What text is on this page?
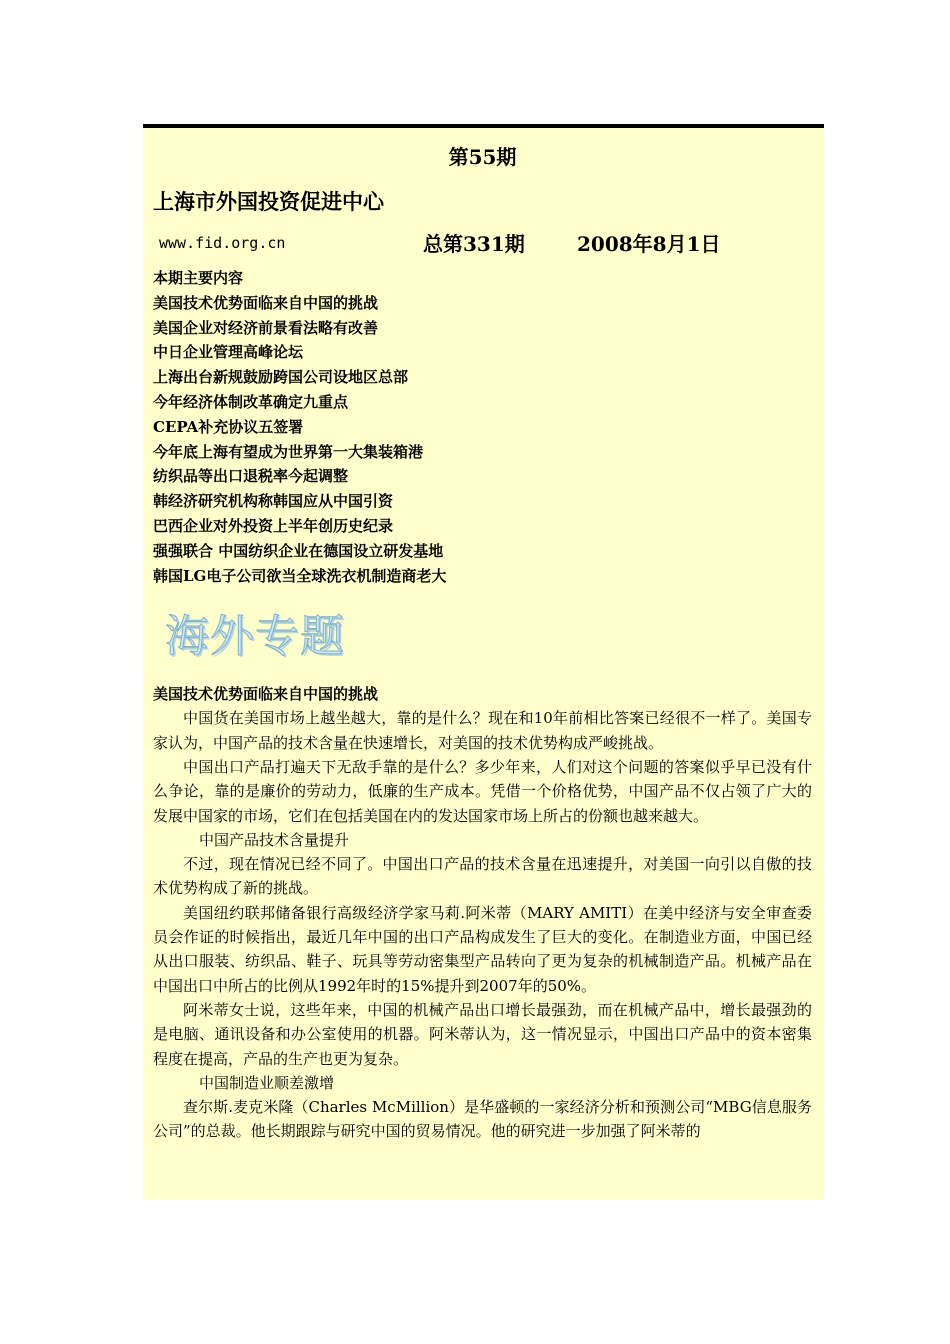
第55期
上海市外国投资促进中心
www.fid.org.cn	总第331期	2008年8月1日
本期主要内容
美国技术优势面临来自中国的挑战
美国企业对经济前景看法略有改善
中日企业管理高峰论坛
上海出台新规鼓励跨国公司设地区总部
今年经济体制改革确定九重点
CEPA补充协议五签署
今年底上海有望成为世界第一大集装箱港
纺织品等出口退税率今起调整
韩经济研究机构称韩国应从中国引资
巴西企业对外投资上半年创历史纪录
强强联合 中国纺织企业在德国设立研发基地
韩国LG电子公司欲当全球洗衣机制造商老大
海外专题
美国技术优势面临来自中国的挑战

中国货在美国市场上越坐越大，靠的是什么？现在和10年前相比答案已经很不一样了。美国专家认为，中国产品的技术含量在快速增长，对美国的技术优势构成严峻挑战。

中国出口产品打遍天下无敌手靠的是什么？多少年来，人们对这个问题的答案似乎早已没有什么争论，靠的是廉价的劳动力，低廉的生产成本。凭借一个价格优势，中国产品不仅占领了广大的发展中国家的市场，它们在包括美国在内的发达国家市场上所占的份额也越来越大。

中国产品技术含量提升

不过，现在情况已经不同了。中国出口产品的技术含量在迅速提升，对美国一向引以自傲的技术优势构成了新的挑战。

美国纽约联邦储备银行高级经济学家马莉.阿米蒂（MARY AMITI）在美中经济与安全审查委员会作证的时候指出，最近几年中国的出口产品构成发生了巨大的变化。在制造业方面，中国已经从出口服装、纺织品、鞋子、玩具等劳动密集型产品转向了更为复杂的机械制造产品。机械产品在中国出口中所占的比例从1992年时的15%提升到2007年的50%。

阿米蒂女士说，这些年来，中国的机械产品出口增长最强劲，而在机械产品中，增长最强劲的是电脑、通讯设备和办公室使用的机器。阿米蒂认为，这一情况显示，中国出口产品中的资本密集程度在提高，产品的生产也更为复杂。

中国制造业顺差激增

查尔斯.麦克米隆（Charles McMillion）是华盛顿的一家经济分析和预测公司“MBG信息服务公司”的总裁。他长期跟踪与研究中国的贸易情况。他的研究进一步加强了阿米蒂的
